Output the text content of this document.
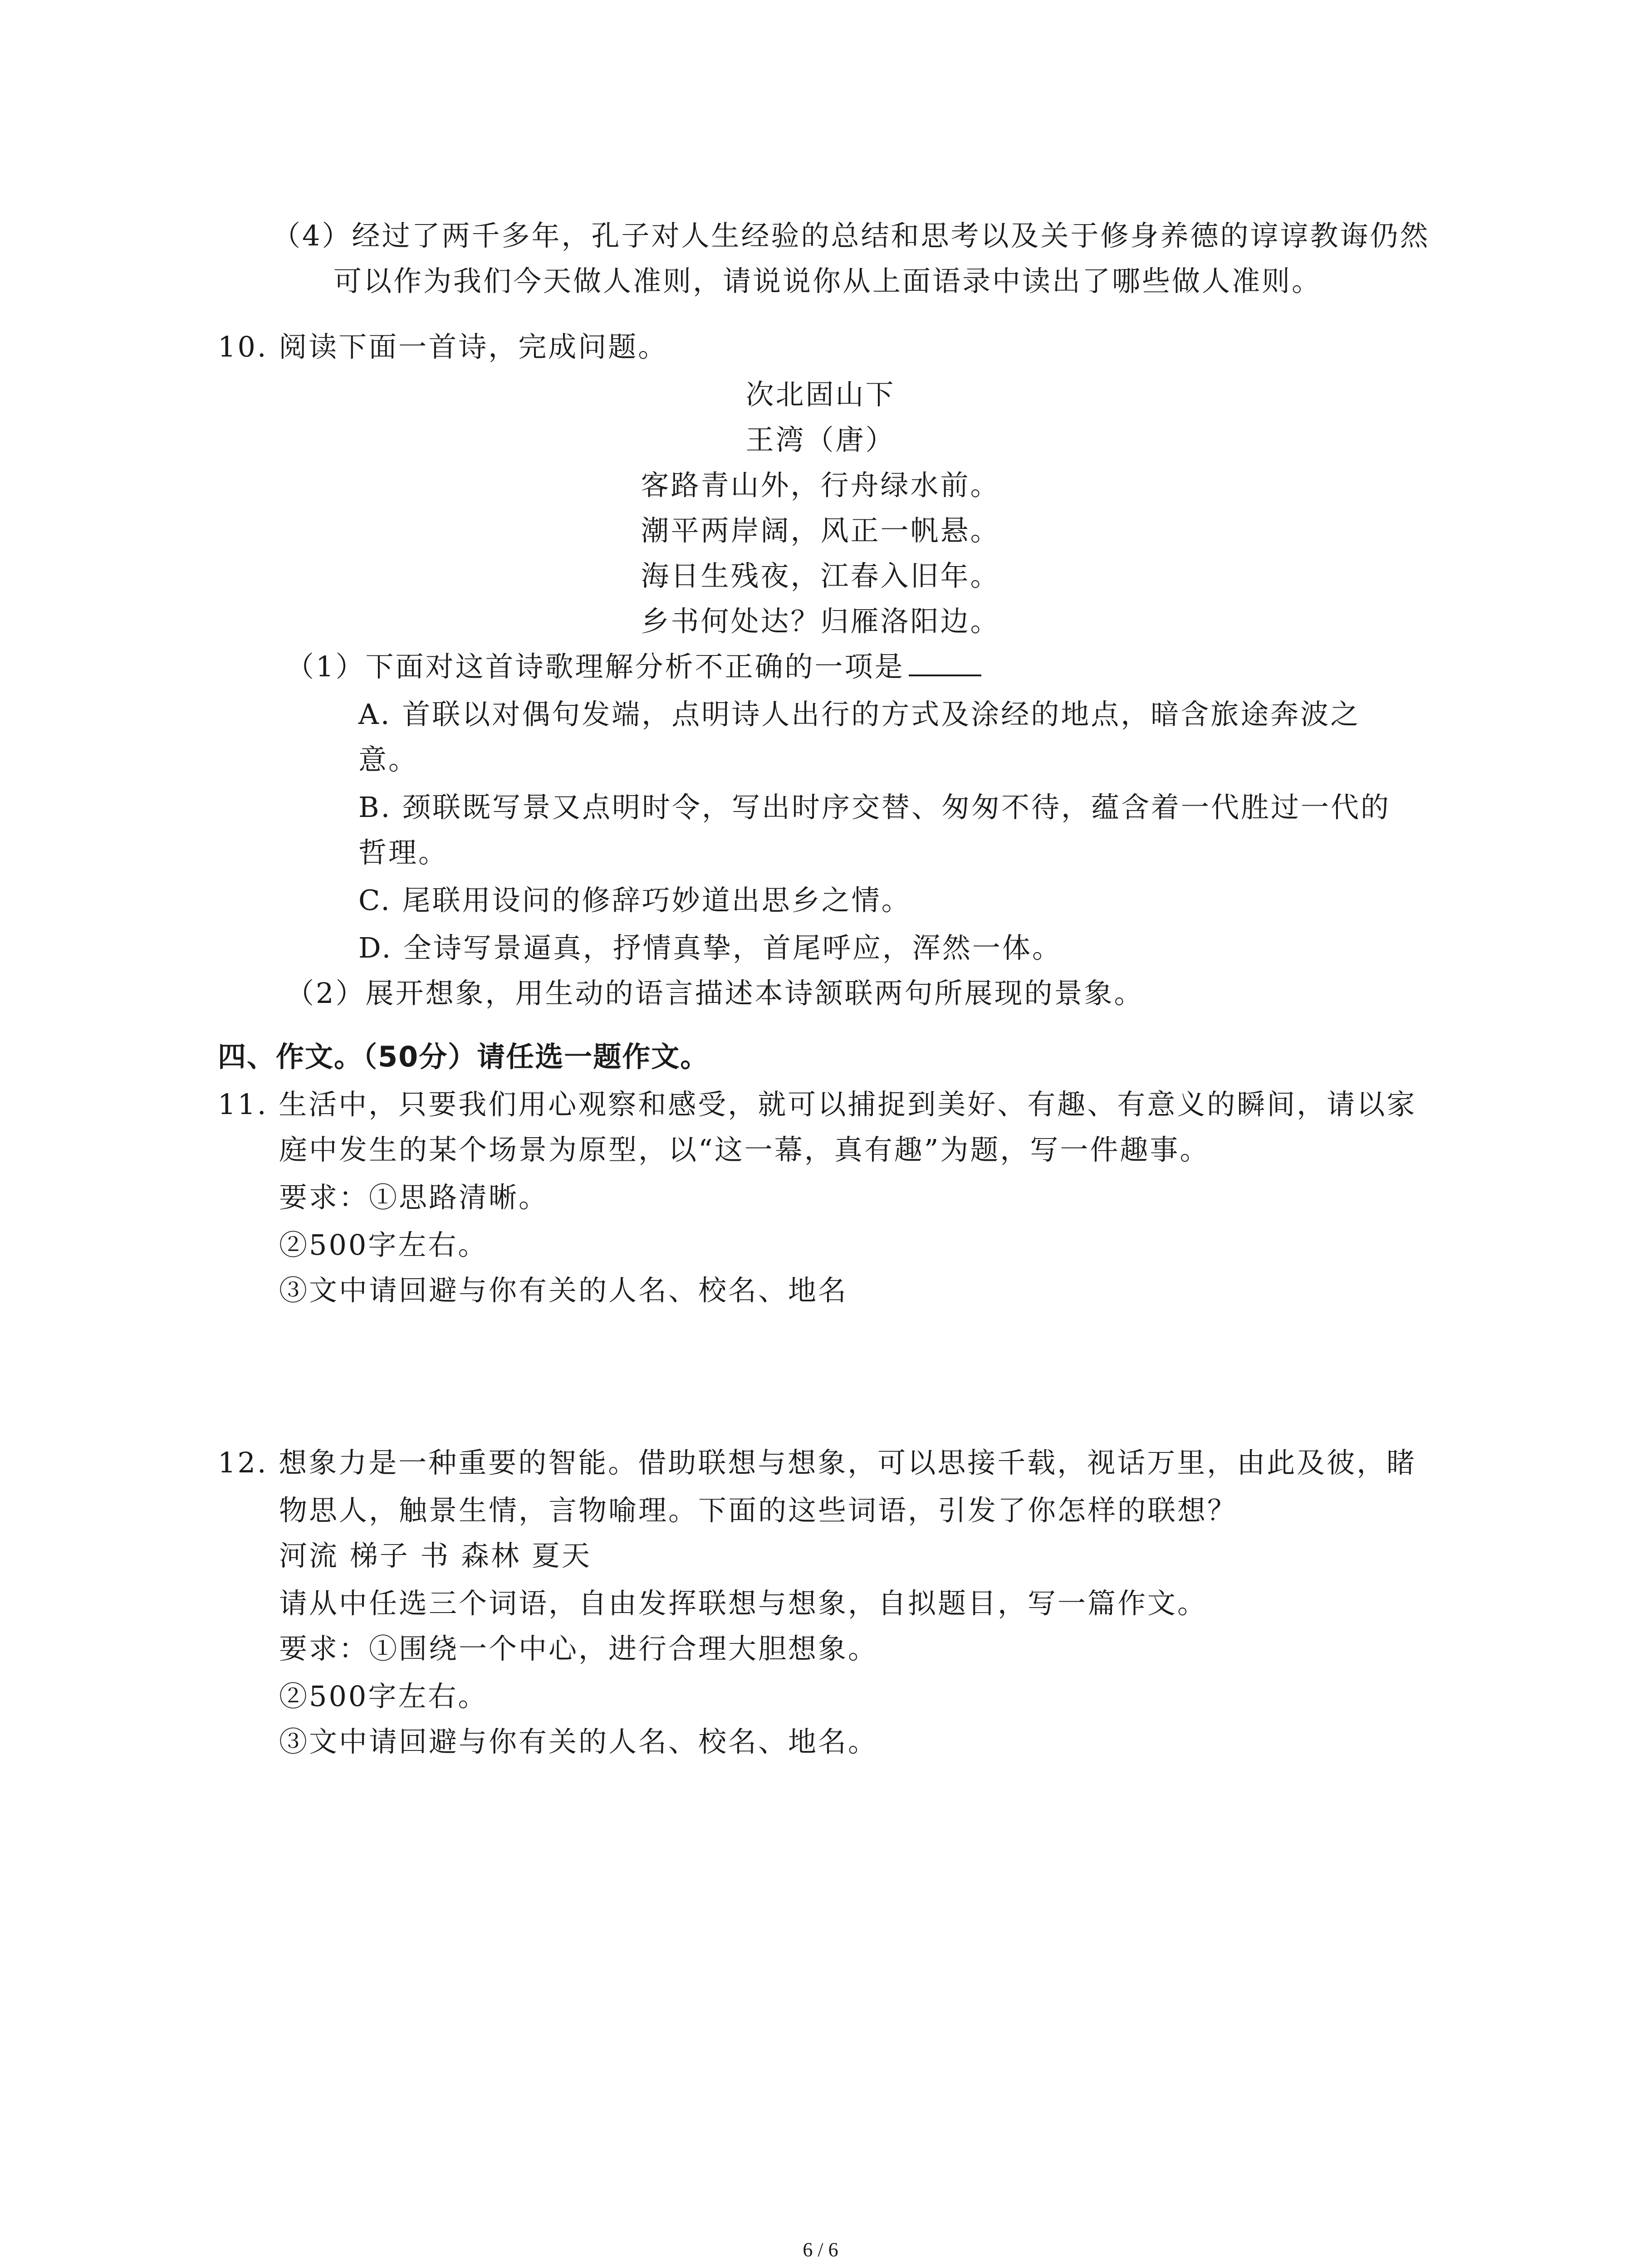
（4）经过了两千多年，孔子对人生经验的总结和思考以及关于修身养德的谆谆教诲仍然
可以作为我们今天做人准则，请说说你从上面语录中读出了哪些做人准则。
10. 阅读下面一首诗，完成问题。
次北固山下
王湾（唐）
客路青山外，行舟绿水前。
潮平两岸阔，风正一帆悬。
海日生残夜，江春入旧年。
乡书何处达？归雁洛阳边。
（1）下面对这首诗歌理解分析不正确的一项是
A. 首联以对偶句发端，点明诗人出行的方式及涂经的地点，暗含旅途奔波之
意。
B. 颈联既写景又点明时令，写出时序交替、匆匆不待，蕴含着一代胜过一代的
哲理。
C. 尾联用设问的修辞巧妙道出思乡之情。
D. 全诗写景逼真，抒情真挚，首尾呼应，浑然一体。
（2）展开想象，用生动的语言描述本诗颔联两句所展现的景象。
四、作文。（50分）请任选一题作文。
11. 生活中，只要我们用心观察和感受，就可以捕捉到美好、有趣、有意义的瞬间，请以家
庭中发生的某个场景为原型，以“这一幕，真有趣”为题，写一件趣事。
要求：①思路清晰。
②500字左右。
③文中请回避与你有关的人名、校名、地名
12. 想象力是一种重要的智能。借助联想与想象，可以思接千载，视话万里，由此及彼，睹
物思人，触景生情，言物喻理。下面的这些词语，引发了你怎样的联想？
河流 梯子 书 森林 夏天
请从中任选三个词语，自由发挥联想与想象，自拟题目，写一篇作文。
要求：①围绕一个中心，进行合理大胆想象。
②500字左右。
③文中请回避与你有关的人名、校名、地名。
6 / 6
